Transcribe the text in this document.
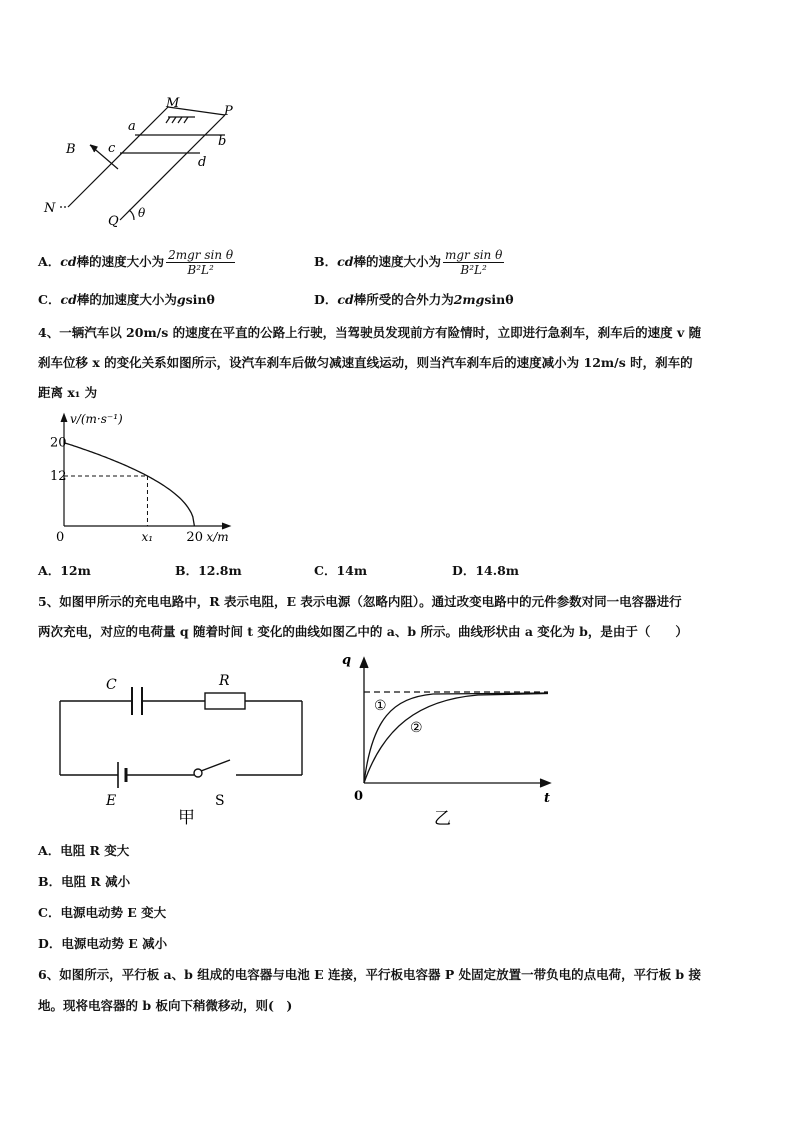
M
P
a
b
B c
d
N
Q
θ
A．cd棒的速度大小为 $\frac{\text{2mgr sin θ}}{\text{B²L²}}$	B．cd棒的速度大小为 $\frac{\text{mgr sin θ}}{\text{B²L²}}$
C．cd棒的加速度大小为gsinθ	D．cd棒所受的合外力为2mgsinθ
4、一辆汽车以 20m/s 的速度在平直的公路上行驶，当驾驶员发现前方有险情时，立即进行急刹车，刹车后的速度 v 随
刹车位移 x 的变化关系如图所示，设汽车刹车后做匀减速直线运动，则当汽车刹车后的速度减小为 12m/s 时，刹车的
距离 x₁ 为
20
12
0	x₁	20
v/(m·s⁻¹)
x/m
A．12m	B．12.8m	C．14m	D．14.8m
5、如图甲所示的充电电路中，R 表示电阻，E 表示电源（忽略内阻）。通过改变电路中的元件参数对同一电容器进行
两次充电，对应的电荷量 q 随着时间 t 变化的曲线如图乙中的 a、b 所示。曲线形状由 a 变化为 b，是由于（　　）
C	R
E	S
甲
q
t
0
①
②
乙
A．电阻 R 变大
B．电阻 R 减小
C．电源电动势 E 变大
D．电源电动势 E 减小
6、如图所示，平行板 a、b 组成的电容器与电池 E 连接，平行板电容器 P 处固定放置一带负电的点电荷，平行板 b 接
地。现将电容器的 b 板向下稍微移动，则(　)
